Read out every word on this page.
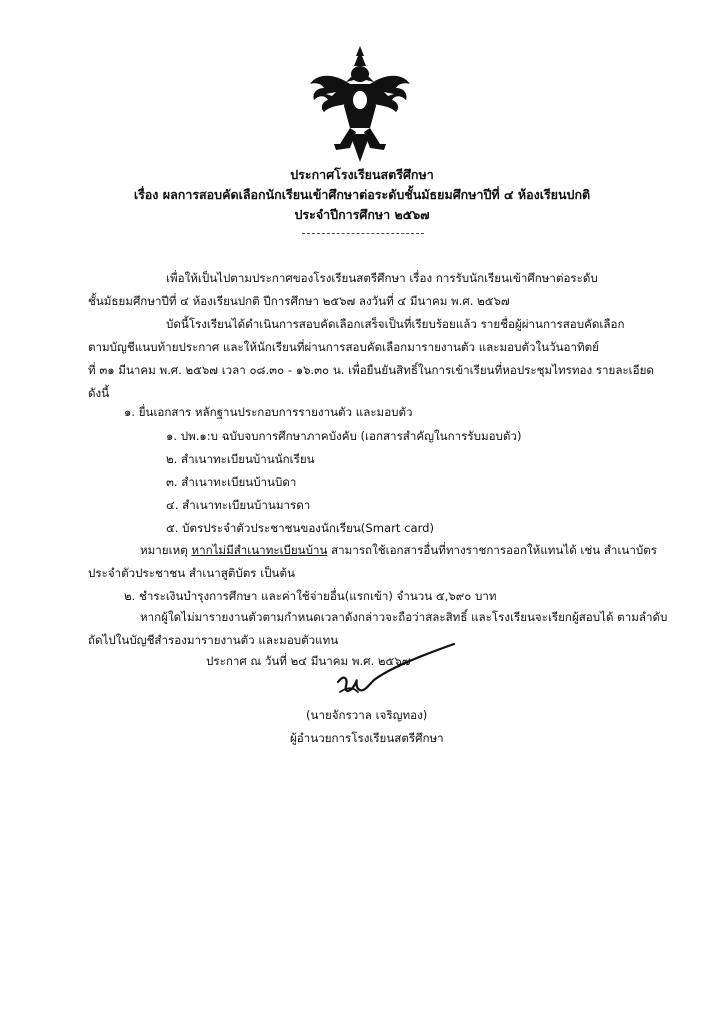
ประกาศโรงเรียนสตรีศึกษา
เรื่อง ผลการสอบคัดเลือกนักเรียนเข้าศึกษาต่อระดับชั้นมัธยมศึกษาปีที่ ๔ ห้องเรียนปกติ
ประจำปีการศึกษา ๒๕๖๗
เพื่อให้เป็นไปตามประกาศของโรงเรียนสตรีศึกษา เรื่อง การรับนักเรียนเข้าศึกษาต่อระดับ
ชั้นมัธยมศึกษาปีที่ ๔ ห้องเรียนปกติ ปีการศึกษา ๒๕๖๗ ลงวันที่ ๔ มีนาคม พ.ศ. ๒๕๖๗
บัดนี้โรงเรียนได้ดำเนินการสอบคัดเลือกเสร็จเป็นที่เรียบร้อยแล้ว รายชื่อผู้ผ่านการสอบคัดเลือก
ตามบัญชีแนบท้ายประกาศ และให้นักเรียนที่ผ่านการสอบคัดเลือกมารายงานตัว และมอบตัวในวันอาทิตย์
ที่ ๓๑ มีนาคม พ.ศ. ๒๕๖๗ เวลา ๐๘.๓๐ - ๑๖.๓๐ น. เพื่อยืนยันสิทธิ์ในการเข้าเรียนที่หอประชุมไทรทอง รายละเอียด
ดังนี้
๑. ยื่นเอกสาร หลักฐานประกอบการรายงานตัว และมอบตัว
๑. ปพ.๑:บ ฉบับจบการศึกษาภาคบังคับ (เอกสารสำคัญในการรับมอบตัว)
๒. สำเนาทะเบียนบ้านนักเรียน
๓. สำเนาทะเบียนบ้านบิดา
๔. สำเนาทะเบียนบ้านมารดา
๕. บัตรประจำตัวประชาชนของนักเรียน(Smart card)
หมายเหตุ หากไม่มีสำเนาทะเบียนบ้าน สามารถใช้เอกสารอื่นที่ทางราชการออกให้แทนได้ เช่น สำเนาบัตร
ประจำตัวประชาชน สำเนาสูติบัตร เป็นต้น
๒. ชำระเงินบำรุงการศึกษา และค่าใช้จ่ายอื่น(แรกเข้า) จำนวน ๕,๖๙๐ บาท
หากผู้ใดไม่มารายงานตัวตามกำหนดเวลาดังกล่าวจะถือว่าสละสิทธิ์ และโรงเรียนจะเรียกผู้สอบได้ ตามลำดับ
ถัดไปในบัญชีสำรองมารายงานตัว และมอบตัวแทน
ประกาศ ณ วันที่ ๒๔ มีนาคม พ.ศ. ๒๕๖๗
(นายจักรวาล เจริญทอง)
ผู้อำนวยการโรงเรียนสตรีศึกษา
